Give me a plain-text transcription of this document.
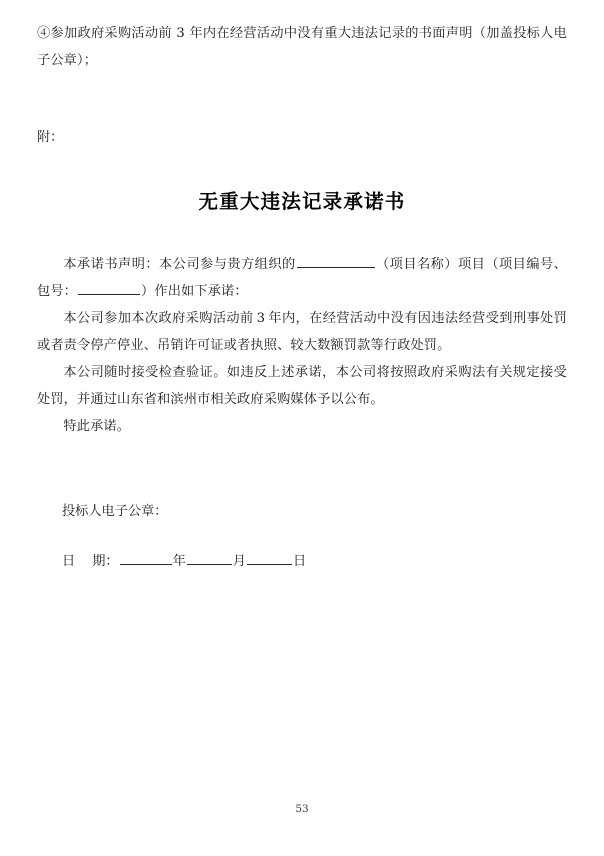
④参加政府采购活动前 3 年内在经营活动中没有重大违法记录的书面声明（加盖投标人电子公章）；
附：
无重大违法记录承诺书
本承诺书声明：本公司参与贵方组织的	（项目名称）项目（项目编号、包号：	）作出如下承诺：
本公司参加本次政府采购活动前 3 年内，在经营活动中没有因违法经营受到刑事处罚或者责令停产停业、吊销许可证或者执照、较大数额罚款等行政处罚。
本公司随时接受检查验证。如违反上述承诺，本公司将按照政府采购法有关规定接受处罚，并通过山东省和滨州市相关政府采购媒体予以公布。
特此承诺。
投标人电子公章：
日 期：	年	月	日
53
